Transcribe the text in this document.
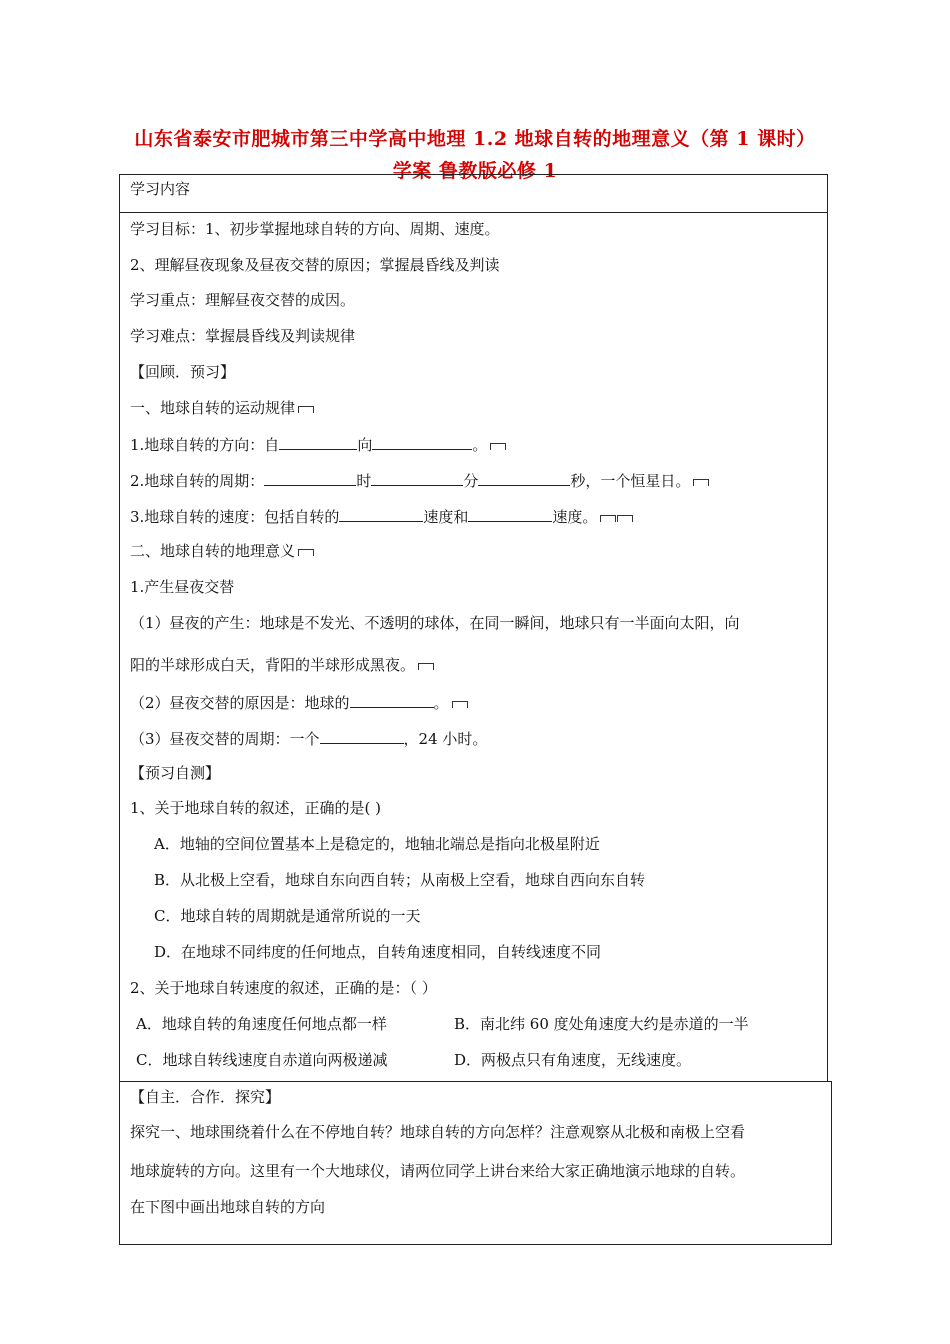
山东省泰安市肥城市第三中学高中地理 1.2 地球自转的地理意义（第 1 课时）
学案 鲁教版必修 1
学习内容
学习目标：1、初步掌握地球自转的方向、周期、速度。
2、理解昼夜现象及昼夜交替的原因；掌握晨昏线及判读
学习重点：理解昼夜交替的成因。
学习难点：掌握晨昏线及判读规律
【回顾．预习】
一、地球自转的运动规律
1.地球自转的方向：自	向	。
2.地球自转的周期：	时	分	秒，一个恒星日。
3.地球自转的速度：包括自转的	速度和	速度。
二、地球自转的地理意义
1.产生昼夜交替
（1）昼夜的产生：地球是不发光、不透明的球体，在同一瞬间，地球只有一半面向太阳，向
阳的半球形成白天，背阳的半球形成黑夜。
（2）昼夜交替的原因是：地球的	。
（3）昼夜交替的周期：一个	，24 小时。
【预习自测】
1、关于地球自转的叙述，正确的是( )
A．地轴的空间位置基本上是稳定的，地轴北端总是指向北极星附近
B．从北极上空看，地球自东向西自转；从南极上空看，地球自西向东自转
C．地球自转的周期就是通常所说的一天
D．在地球不同纬度的任何地点，自转角速度相同，自转线速度不同
2、关于地球自转速度的叙述，正确的是：（ ）
A．地球自转的角速度任何地点都一样	B．南北纬 60 度处角速度大约是赤道的一半
C．地球自转线速度自赤道向两极递减	D．两极点只有角速度，无线速度。
【自主．合作．探究】
探究一、地球围绕着什么在不停地自转？地球自转的方向怎样？注意观察从北极和南极上空看
地球旋转的方向。这里有一个大地球仪，请两位同学上讲台来给大家正确地演示地球的自转。
在下图中画出地球自转的方向
